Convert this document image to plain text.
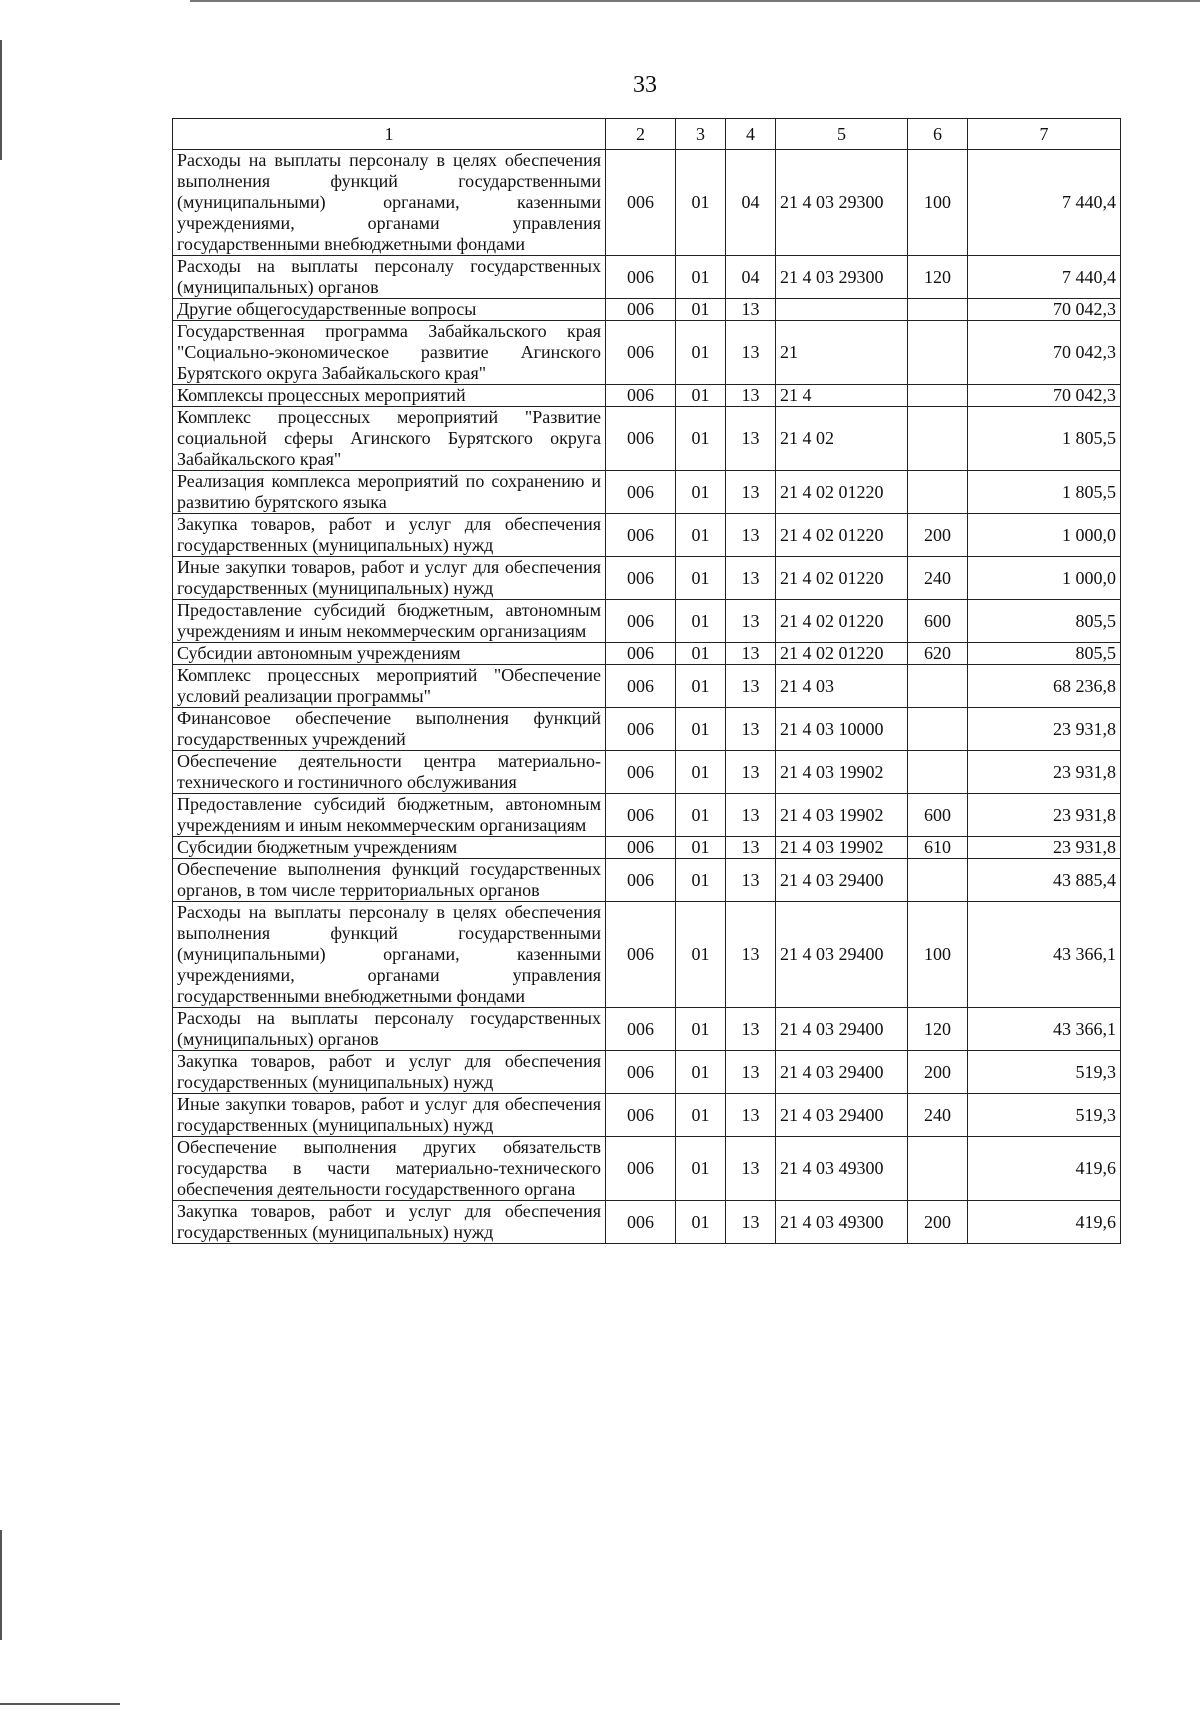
33
1	2	3	4	5	6	7
Расходы на выплаты персоналу в целях обеспечения выполнения функций государственными (муниципальными) органами, казенными учреждениями, органами управления государственными внебюджетными фондами	006	01	04	21 4 03 29300	100	7 440,4
Расходы на выплаты персоналу государственных (муниципальных) органов	006	01	04	21 4 03 29300	120	7 440,4
Другие общегосударственные вопросы	006	01	13			70 042,3
Государственная программа Забайкальского края "Социально-экономическое развитие Агинского Бурятского округа Забайкальского края"	006	01	13	21		70 042,3
Комплексы процессных мероприятий	006	01	13	21 4		70 042,3
Комплекс процессных мероприятий "Развитие социальной сферы Агинского Бурятского округа Забайкальского края"	006	01	13	21 4 02		1 805,5
Реализация комплекса мероприятий по сохранению и развитию бурятского языка	006	01	13	21 4 02 01220		1 805,5
Закупка товаров, работ и услуг для обеспечения государственных (муниципальных) нужд	006	01	13	21 4 02 01220	200	1 000,0
Иные закупки товаров, работ и услуг для обеспечения государственных (муниципальных) нужд	006	01	13	21 4 02 01220	240	1 000,0
Предоставление субсидий бюджетным, автономным учреждениям и иным некоммерческим организациям	006	01	13	21 4 02 01220	600	805,5
Субсидии автономным учреждениям	006	01	13	21 4 02 01220	620	805,5
Комплекс процессных мероприятий "Обеспечение условий реализации программы"	006	01	13	21 4 03		68 236,8
Финансовое обеспечение выполнения функций государственных учреждений	006	01	13	21 4 03 10000		23 931,8
Обеспечение деятельности центра материально-технического и гостиничного обслуживания	006	01	13	21 4 03 19902		23 931,8
Предоставление субсидий бюджетным, автономным учреждениям и иным некоммерческим организациям	006	01	13	21 4 03 19902	600	23 931,8
Субсидии бюджетным учреждениям	006	01	13	21 4 03 19902	610	23 931,8
Обеспечение выполнения функций государственных органов, в том числе территориальных органов	006	01	13	21 4 03 29400		43 885,4
Расходы на выплаты персоналу в целях обеспечения выполнения функций государственными (муниципальными) органами, казенными учреждениями, органами управления государственными внебюджетными фондами	006	01	13	21 4 03 29400	100	43 366,1
Расходы на выплаты персоналу государственных (муниципальных) органов	006	01	13	21 4 03 29400	120	43 366,1
Закупка товаров, работ и услуг для обеспечения государственных (муниципальных) нужд	006	01	13	21 4 03 29400	200	519,3
Иные закупки товаров, работ и услуг для обеспечения государственных (муниципальных) нужд	006	01	13	21 4 03 29400	240	519,3
Обеспечение выполнения других обязательств государства в части материально-технического обеспечения деятельности государственного органа	006	01	13	21 4 03 49300		419,6
Закупка товаров, работ и услуг для обеспечения государственных (муниципальных) нужд	006	01	13	21 4 03 49300	200	419,6
